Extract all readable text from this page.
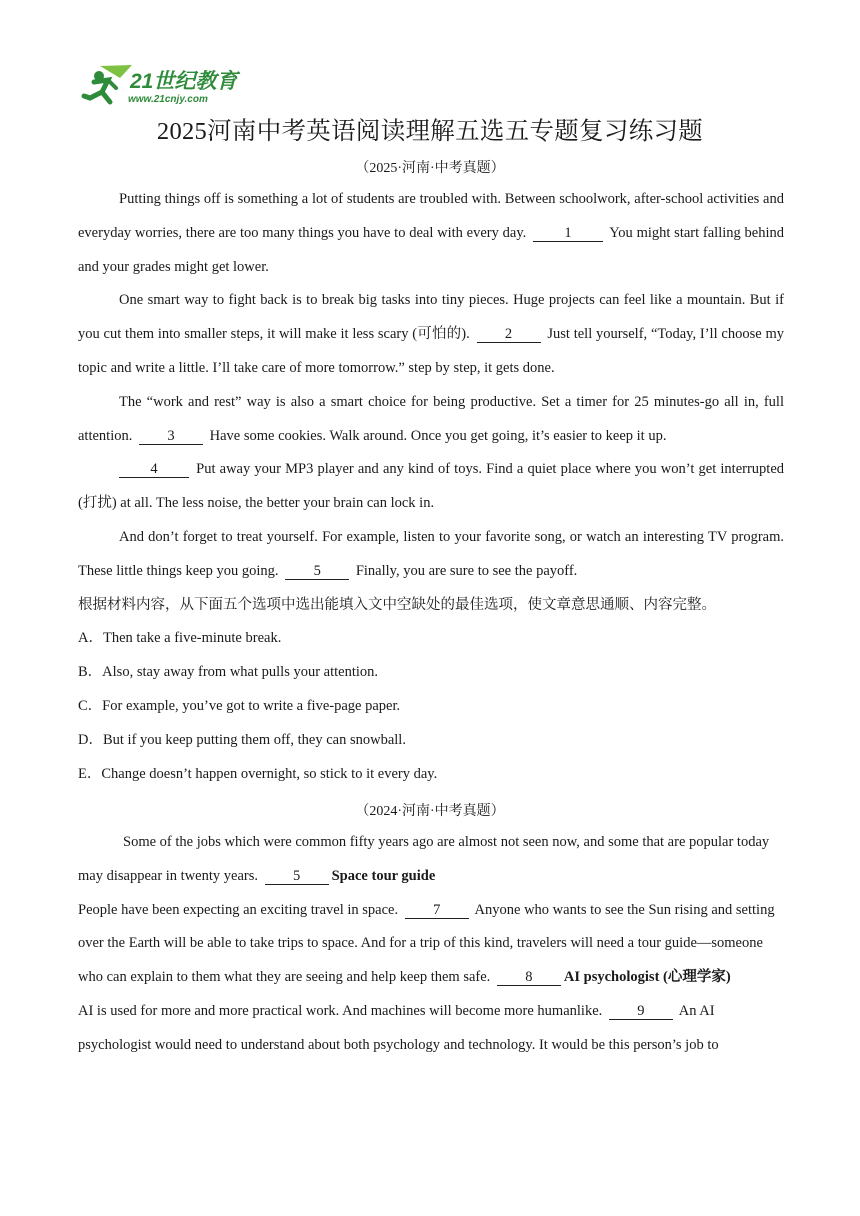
21世纪教育
www.21cnjy.com
2025河南中考英语阅读理解五选五专题复习练习题
（2025·河南·中考真题）

Putting things off is something a lot of students are troubled with. Between schoolwork, after-school activities and everyday worries, there are too many things you have to deal with every day.	1	You might start falling behind and your grades might get lower.

One smart way to fight back is to break big tasks into tiny pieces. Huge projects can feel like a mountain. But if you cut them into smaller steps, it will make it less scary (可怕的). 2 Just tell yourself, “Today, I’ll choose my topic and write a little. I’ll take care of more tomorrow.” step by step, it gets done.

The “work and rest” way is also a smart choice for being productive. Set a timer for 25 minutes-go all in, full attention. 3 Have some cookies. Walk around. Once you get going, it’s easier to keep it up.

4	Put away your MP3 player and any kind of toys. Find a quiet place where you won’t get interrupted (打扰) at all. The less noise, the better your brain can lock in.

And don’t forget to treat yourself. For example, listen to your favorite song, or watch an interesting TV program. These little things keep you going. 5 Finally, you are sure to see the payoff.

根据材料内容，从下面五个选项中选出能填入文中空缺处的最佳选项，使文章意思通顺、内容完整。

A．Then take a five-minute break.

B．Also, stay away from what pulls your attention.

C．For example, you’ve got to write a five-page paper.

D．But if you keep putting them off, they can snowball.

E．Change doesn’t happen overnight, so stick to it every day.

（2024·河南·中考真题）

Some of the jobs which were common fifty years ago are almost not seen now, and some that are popular today may disappear in twenty years. 5 Space tour guide

People have been expecting an exciting travel in space. 7 Anyone who wants to see the Sun rising and setting over the Earth will be able to take trips to space. And for a trip of this kind, travelers will need a tour guide—someone who can explain to them what they are seeing and help keep them safe. 8 AI psychologist (心理学家)

AI is used for more and more practical work. And machines will become more humanlike. 9 An AI psychologist would need to understand about both psychology and technology. It would be this person’s job to
